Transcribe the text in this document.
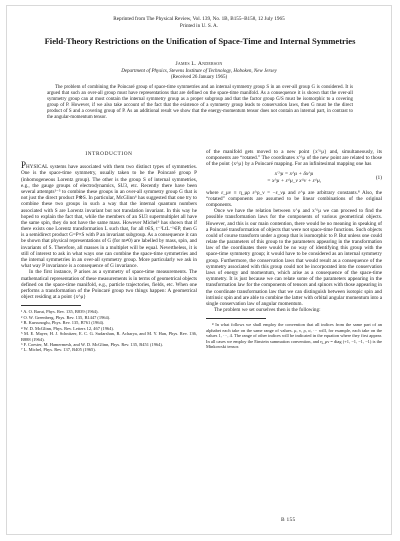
Reprinted from The Physical Review, Vol. 139, No. 1B, B155–B158, 12 July 1965
Printed in U. S. A.
Field-Theory Restrictions on the Unification of Space-Time and Internal Symmetries
James L. Anderson
Department of Physics, Stevens Institute of Technology, Hoboken, New Jersey
(Received 26 January 1965)

The problem of combining the Poincaré group of space-time symmetries and an internal symmetry group S in an over-all group G is considered. It is argued that such an over-all group must have representations that are defined on the space-time manifold. As a consequence it is shown that the over-all symmetry group can at most contain the internal symmetry group as a proper subgroup and that the factor group G/S must be isomorphic to a covering group of P. However, if we also take account of the fact that the existence of a symmetry group leads to conservation laws, then G must be the direct product of S and a covering group of P. As an additional result we show that the energy-momentum tensor does not contain an internal part, in contrast to the angular-momentum tensor.

INTRODUCTION

PHYSICAL systems have associated with them two distinct types of symmetries. One is the space-time symmetry, usually taken to be the Poincaré group P (inhomogeneous Lorentz group). The other is the group S of internal symmetries, e.g., the gauge groups of electrodynamics, SU3, etc. Recently there have been several attempts¹⁻⁵ to combine these groups in an over-all symmetry group G that is not just the direct product P⊗S. In particular, McGlinn⁶ has suggested that one try to combine these two groups in such a way that the internal quantum numbers associated with S are Lorentz invariant but not translation invariant. In this way he hoped to explain the fact that, while the members of an SU3 supermultiplet all have the same spin, they do not have the same mass. However Michel⁶ has shown that if there exists one Lorentz transformation L such that, for all t∈S, t⁻¹LtL⁻¹∈P, then G is a semidirect product G=P×S with P an invariant subgroup. As a consequence it can be shown that physical representations of G (for m≠0) are labelled by mass, spin, and invariants of S. Therefore, all masses in a multiplet will be equal. Nevertheless, it is still of interest to ask in what ways one can combine the space-time symmetries and the internal symmetries in an over-all symmetry group. More particularly we ask in what way P invariance is a consequence of G invariance.

In the first instance, P arises as a symmetry of space-time measurements. The mathematical representation of these measurements is in terms of geometrical objects defined on the space-time manifold, e.g., particle trajectories, fields, etc. When one performs a transformation of the Poincaré group two things happen: A geometrical object residing at a point {x^μ}

¹ A. O. Barut, Phys. Rev. 135, B839 (1964).
² O. W. Greenberg, Phys. Rev. 135, B1447 (1964).
³ B. Kursunoglu, Phys. Rev. 135, B761 (1964).
⁴ W. D. McGlinn, Phys. Rev. Letters 12, 467 (1964).
⁵ M. E. Mayer, H. J. Schnitzer, E. C. G. Sudarshan, R. Acharya, and M. Y. Han, Phys. Rev. 136, B888 (1964).
⁶ F. Coester, M. Hamermesh, and W. D. McGlinn, Phys. Rev. 135, B451 (1964).
⁷ L. Michel, Phys. Rev. 137, B405 (1965).

of the manifold gets moved to a new point {x′^μ} and, simultaneously, its components are “rotated.” The coordinates x′^μ of the new point are related to those of the point {x^μ} by a Poincaré mapping. For an infinitesimal mapping one has

x′^μ = x^μ + δx^μ
= x^μ + ε^μ_ν x^ν + ε^μ,	(1)

where ε_μν ≡ η_μρ ε^ρ_ν = −ε_νμ and ε^μ are arbitrary constants.⁸ Also, the “rotated” components are assumed to be linear combinations of the original components.

Once we have the relation between x^μ and x′^μ we can proceed to find the possible transformation laws for the components of various geometrical objects. However, and this is our main contention, there would be no meaning in speaking of a Poincaré transformation of objects that were not space-time functions. Such objects could of course transform under a group that is isomorphic to P. But unless one could relate the parameters of this group to the parameters appearing in the transformation law of the coordinates there would be no way of identifying this group with the space-time symmetry group; it would have to be considered as an internal symmetry group. Furthermore, the conservation laws that would result as a consequence of the symmetry associated with this group could not be incorporated into the conservation laws of energy and momentum, which arise as a consequence of the space-time symmetry. It is just because we can relate some of the parameters appearing in the transformation law for the components of tensors and spinors with those appearing in the coordinate transformation law that we can distinguish between isotopic spin and intrinsic spin and are able to combine the latter with orbital angular momentum into a single conservation law of angular momentum.

The problem we set ourselves then is the following:

⁸ In what follows we shall employ the convention that all indices from the same part of an alphabet each take on the same range of values. μ, ν, ρ, σ, ··· will, for example, each take on the values 1, ···, 4. The range of other indices will be indicated in the equation where they first appear. In all cases we employ the Einstein summation convention, and η_μν = diag (+1, −1, −1, −1) is the Minkowski tensor.

B 155
